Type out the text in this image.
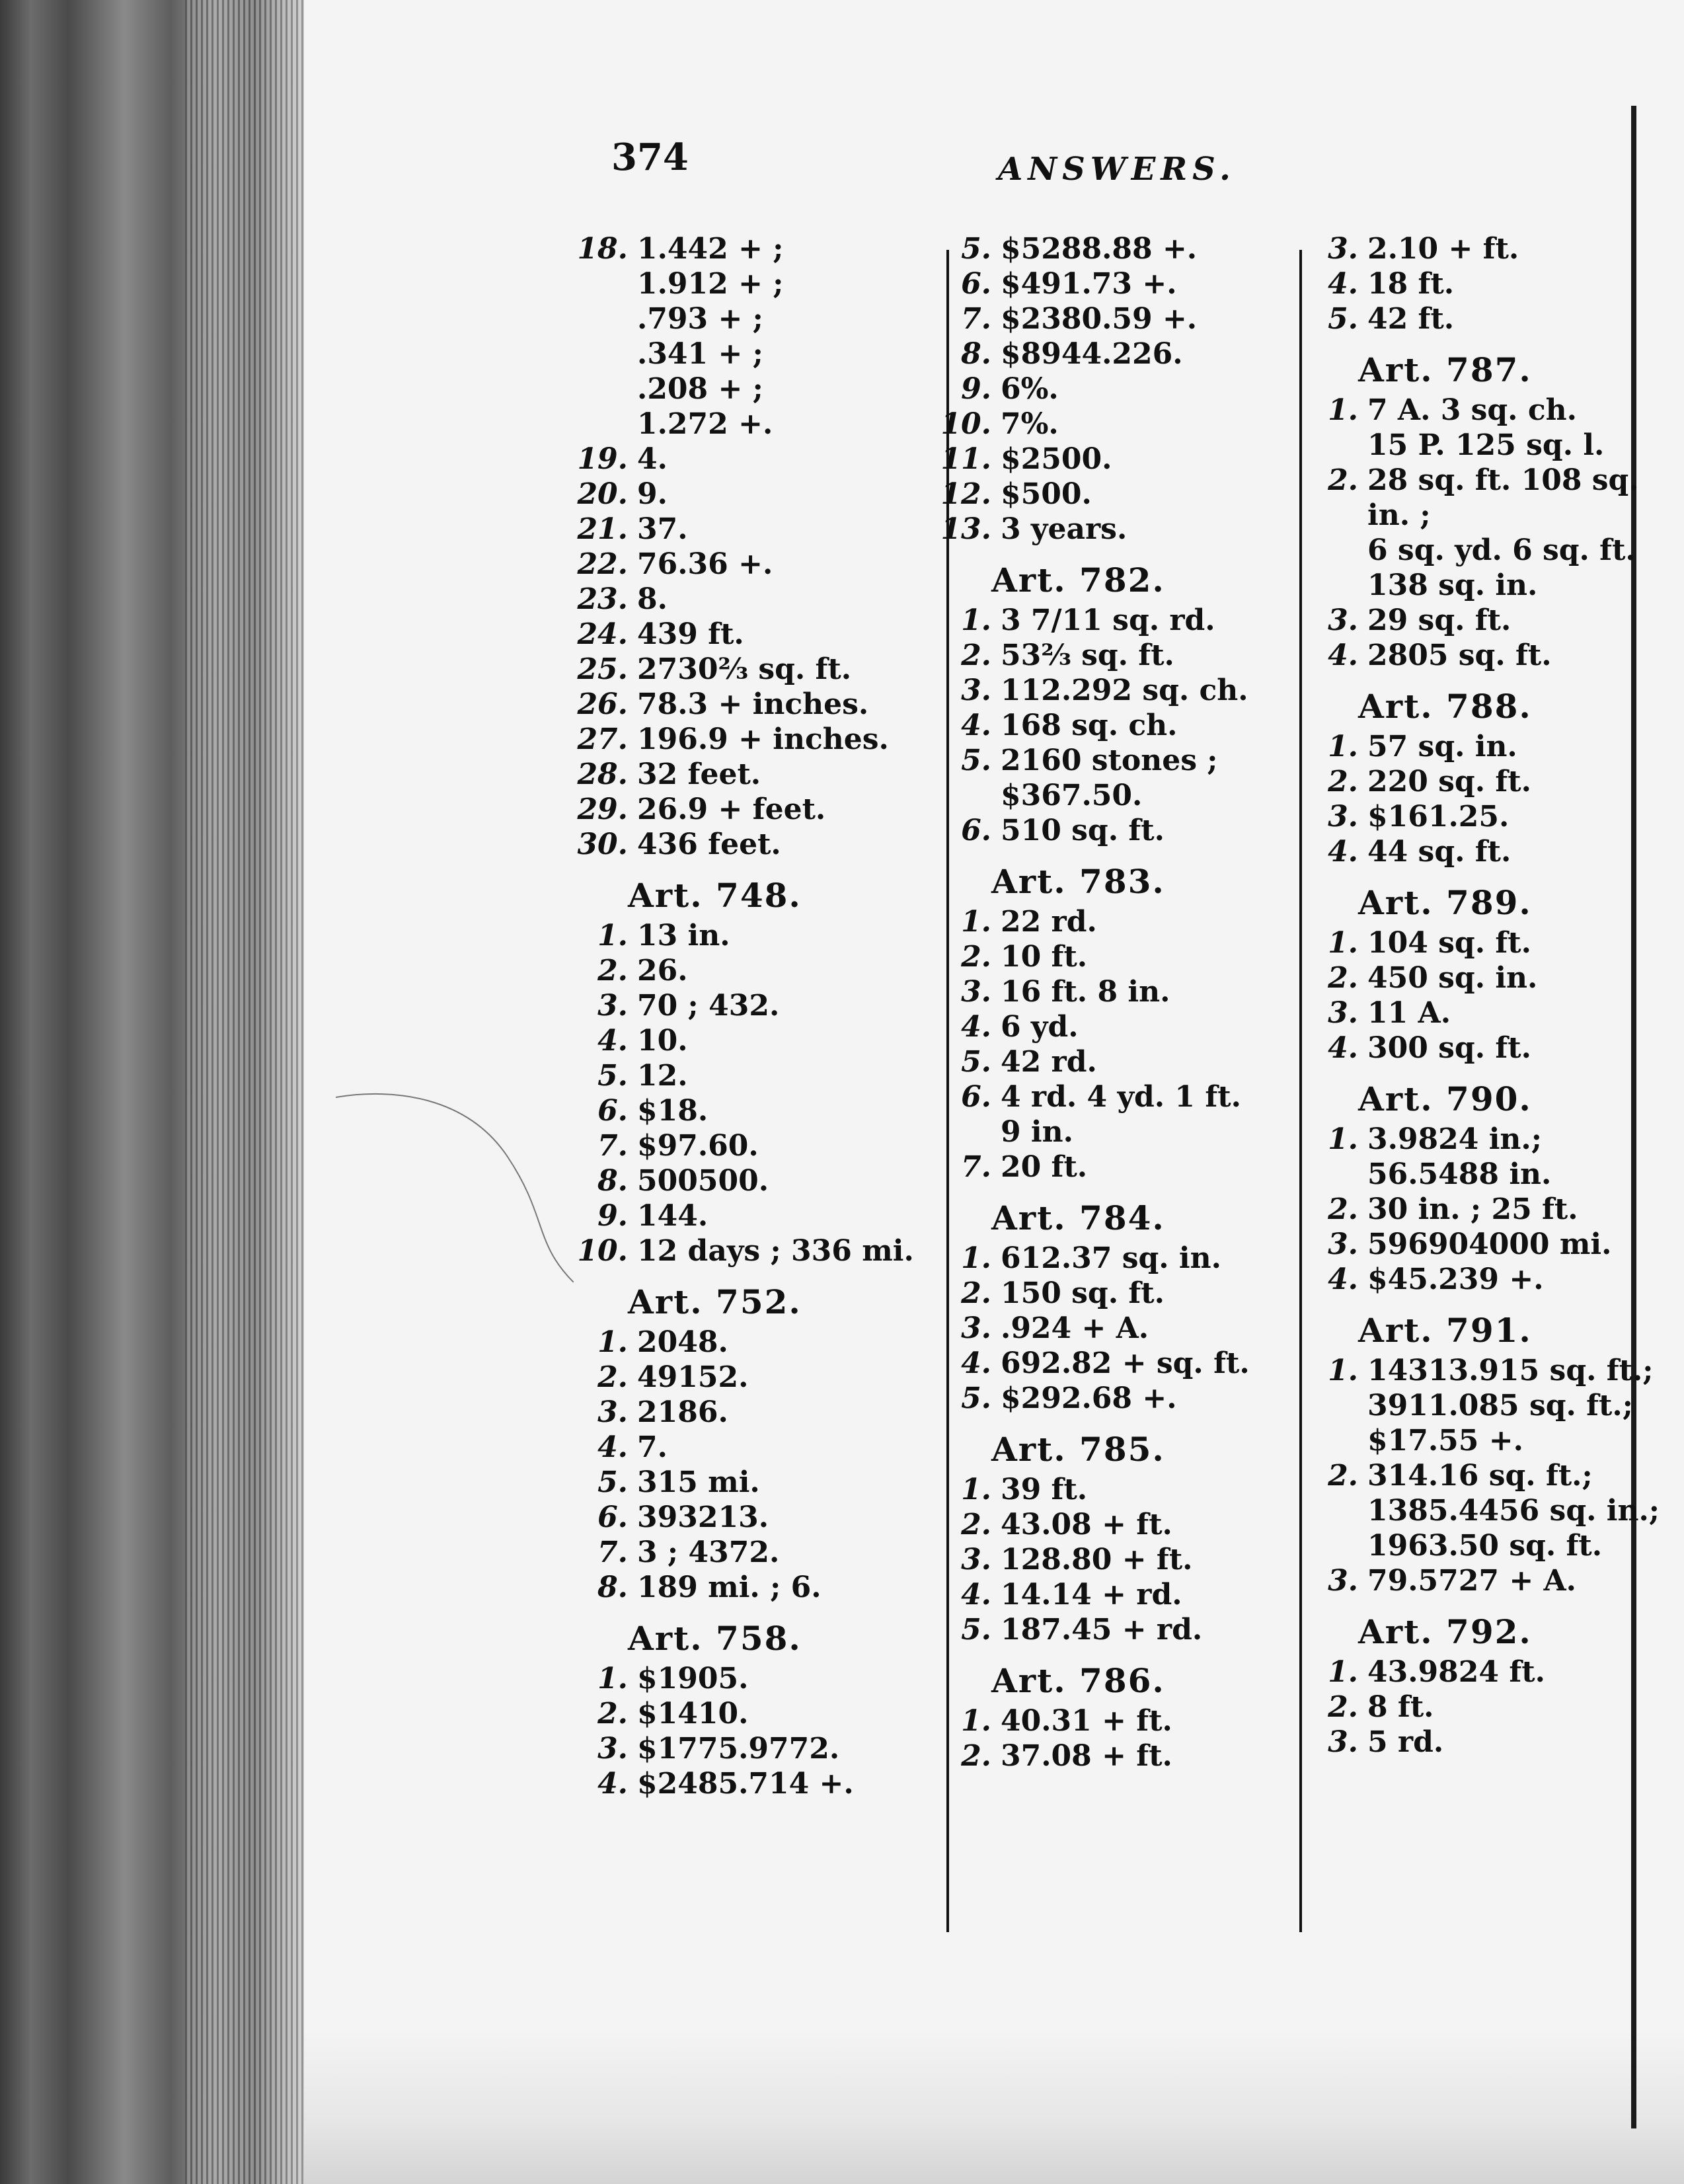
374	ANSWERS.
18. 1.442 + ;
1.912 + ;
.793 + ;
.341 + ;
.208 + ;
1.272 +.
19. 4.
20. 9.
21. 37.
22. 76.36 +.
23. 8.
24. 439 ft.
25. 2730⅔ sq. ft.
26. 78.3 + inches.
27. 196.9 + inches.
28. 32 feet.
29. 26.9 + feet.
30. 436 feet.
Art. 748.
1. 13 in.
2. 26.
3. 70 ; 432.
4. 10.
5. 12.
6. $18.
7. $97.60.
8. 500500.
9. 144.
10. 12 days ; 336 mi.
Art. 752.
1. 2048.
2. 49152.
3. 2186.
4. 7.
5. 315 mi.
6. 393213.
7. 3 ; 4372.
8. 189 mi. ; 6.
Art. 758.
1. $1905.
2. $1410.
3. $1775.9772.
4. $2485.714 +.
5. $5288.88 +.
6. $491.73 +.
7. $2380.59 +.
8. $8944.226.
9. 6%.
10. 7%.
11. $2500.
12. $500.
13. 3 years.
Art. 782.
1. 3 7/11 sq. rd.
2. 53⅔ sq. ft.
3. 112.292 sq. ch.
4. 168 sq. ch.
5. 2160 stones ;
$367.50.
6. 510 sq. ft.
Art. 783.
1. 22 rd.
2. 10 ft.
3. 16 ft. 8 in.
4. 6 yd.
5. 42 rd.
6. 4 rd. 4 yd. 1 ft.
9 in.
7. 20 ft.
Art. 784.
1. 612.37 sq. in.
2. 150 sq. ft.
3. .924 + A.
4. 692.82 + sq. ft.
5. $292.68 +.
Art. 785.
1. 39 ft.
2. 43.08 + ft.
3. 128.80 + ft.
4. 14.14 + rd.
5. 187.45 + rd.
Art. 786.
1. 40.31 + ft.
2. 37.08 + ft.
3. 2.10 + ft.
4. 18 ft.
5. 42 ft.
Art. 787.
1. 7 A. 3 sq. ch.
15 P. 125 sq. l.
2. 28 sq. ft. 108 sq.
in. ;
6 sq. yd. 6 sq. ft.
138 sq. in.
3. 29 sq. ft.
4. 2805 sq. ft.
Art. 788.
1. 57 sq. in.
2. 220 sq. ft.
3. $161.25.
4. 44 sq. ft.
Art. 789.
1. 104 sq. ft.
2. 450 sq. in.
3. 11 A.
4. 300 sq. ft.
Art. 790.
1. 3.9824 in.;
56.5488 in.
2. 30 in. ; 25 ft.
3. 596904000 mi.
4. $45.239 +.
Art. 791.
1. 14313.915 sq. ft.;
3911.085 sq. ft.;
$17.55 +.
2. 314.16 sq. ft.;
1385.4456 sq. in.;
1963.50 sq. ft.
3. 79.5727 + A.
Art. 792.
1. 43.9824 ft.
2. 8 ft.
3. 5 rd.
